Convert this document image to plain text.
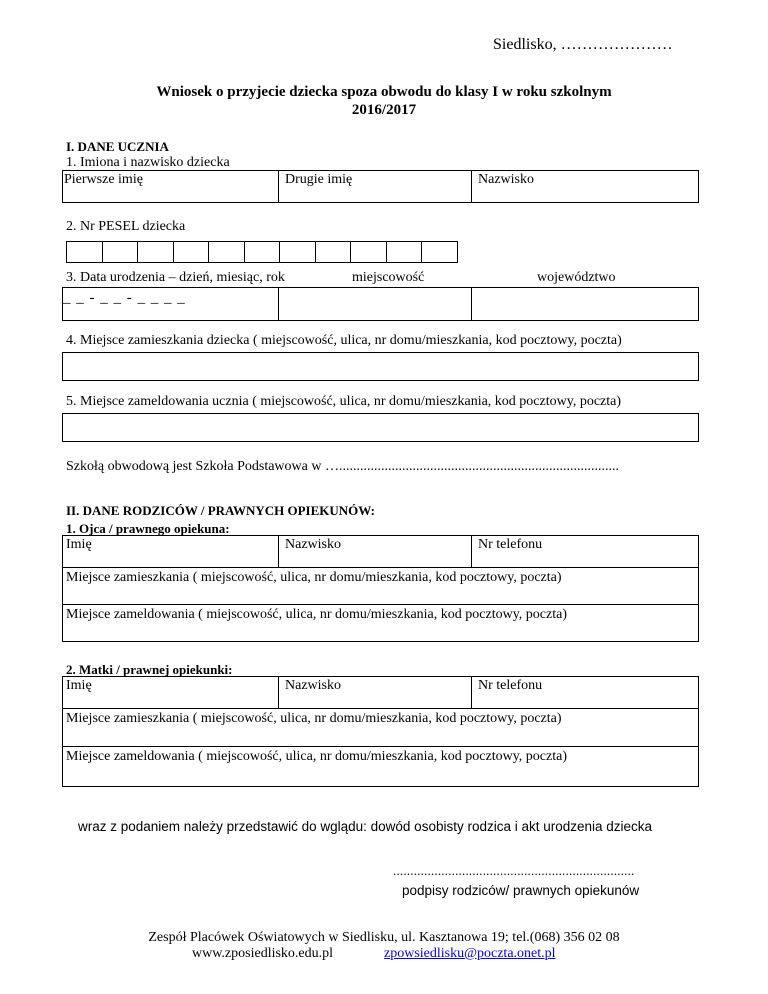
Siedlisko, …………………
Wniosek o przyjecie dziecka spoza obwodu do klasy I w roku szkolnym
2016/2017
I. DANE UCZNIA
1. Imiona i nazwisko dziecka
Pierwsze imię	Drugie imię	Nazwisko
2. Nr PESEL dziecka
3. Data urodzenia – dzień, miesiąc, rok	miejscowość	województwo
_ _ - _ _ - _ _ _ _
4. Miejsce zamieszkania dziecka ( miejscowość, ulica, nr domu/mieszkania, kod pocztowy, poczta)
5. Miejsce zameldowania ucznia ( miejscowość, ulica, nr domu/mieszkania, kod pocztowy, poczta)
Szkołą obwodową jest Szkoła Podstawowa w …................................................................................
II. DANE RODZICÓW / PRAWNYCH OPIEKUNÓW:
1. Ojca / prawnego opiekuna:
Imię	Nazwisko	Nr telefonu
Miejsce zamieszkania ( miejscowość, ulica, nr domu/mieszkania, kod pocztowy, poczta)
Miejsce zameldowania ( miejscowość, ulica, nr domu/mieszkania, kod pocztowy, poczta)
2. Matki / prawnej opiekunki:
Imię	Nazwisko	Nr telefonu
Miejsce zamieszkania ( miejscowość, ulica, nr domu/mieszkania, kod pocztowy, poczta)
Miejsce zameldowania ( miejscowość, ulica, nr domu/mieszkania, kod pocztowy, poczta)
wraz z podaniem należy przedstawić do wglądu: dowód osobisty rodzica i akt urodzenia dziecka
......................................................................
podpisy rodziców/ prawnych opiekunów
Zespół Placówek Oświatowych w Siedlisku, ul. Kasztanowa 19; tel.(068) 356 02 08
www.zposiedlisko.edu.pl	zpowsiedlisku@poczta.onet.pl
